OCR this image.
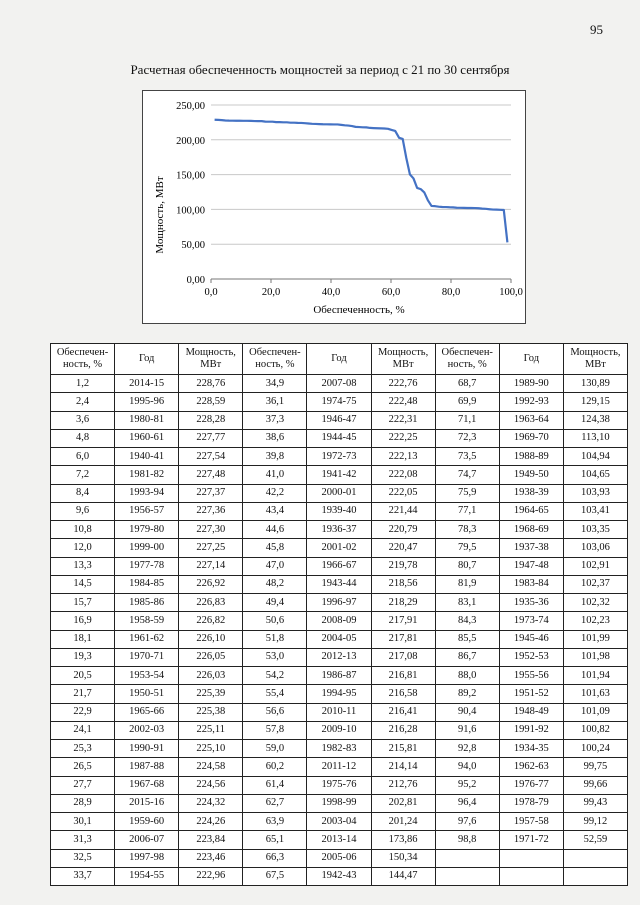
95
Расчетная обеспеченность мощностей за период с 21 по 30 сентября
0,00
50,00
100,00
150,00
200,00
250,00
0,0	20,0	40,0	60,0	80,0	100,0
Мощность, МВт
Обеспеченность, %
Обеспечен-ность, %	Год	Мощность, МВт	Обеспечен-ность, %	Год	Мощность, МВт	Обеспечен-ность, %	Год	Мощность, МВт
1,2	2014-15	228,76	34,9	2007-08	222,76	68,7	1989-90	130,89
2,4	1995-96	228,59	36,1	1974-75	222,48	69,9	1992-93	129,15
3,6	1980-81	228,28	37,3	1946-47	222,31	71,1	1963-64	124,38
4,8	1960-61	227,77	38,6	1944-45	222,25	72,3	1969-70	113,10
6,0	1940-41	227,54	39,8	1972-73	222,13	73,5	1988-89	104,94
7,2	1981-82	227,48	41,0	1941-42	222,08	74,7	1949-50	104,65
8,4	1993-94	227,37	42,2	2000-01	222,05	75,9	1938-39	103,93
9,6	1956-57	227,36	43,4	1939-40	221,44	77,1	1964-65	103,41
10,8	1979-80	227,30	44,6	1936-37	220,79	78,3	1968-69	103,35
12,0	1999-00	227,25	45,8	2001-02	220,47	79,5	1937-38	103,06
13,3	1977-78	227,14	47,0	1966-67	219,78	80,7	1947-48	102,91
14,5	1984-85	226,92	48,2	1943-44	218,56	81,9	1983-84	102,37
15,7	1985-86	226,83	49,4	1996-97	218,29	83,1	1935-36	102,32
16,9	1958-59	226,82	50,6	2008-09	217,91	84,3	1973-74	102,23
18,1	1961-62	226,10	51,8	2004-05	217,81	85,5	1945-46	101,99
19,3	1970-71	226,05	53,0	2012-13	217,08	86,7	1952-53	101,98
20,5	1953-54	226,03	54,2	1986-87	216,81	88,0	1955-56	101,94
21,7	1950-51	225,39	55,4	1994-95	216,58	89,2	1951-52	101,63
22,9	1965-66	225,38	56,6	2010-11	216,41	90,4	1948-49	101,09
24,1	2002-03	225,11	57,8	2009-10	216,28	91,6	1991-92	100,82
25,3	1990-91	225,10	59,0	1982-83	215,81	92,8	1934-35	100,24
26,5	1987-88	224,58	60,2	2011-12	214,14	94,0	1962-63	99,75
27,7	1967-68	224,56	61,4	1975-76	212,76	95,2	1976-77	99,66
28,9	2015-16	224,32	62,7	1998-99	202,81	96,4	1978-79	99,43
30,1	1959-60	224,26	63,9	2003-04	201,24	97,6	1957-58	99,12
31,3	2006-07	223,84	65,1	2013-14	173,86	98,8	1971-72	52,59
32,5	1997-98	223,46	66,3	2005-06	150,34			
33,7	1954-55	222,96	67,5	1942-43	144,47			
